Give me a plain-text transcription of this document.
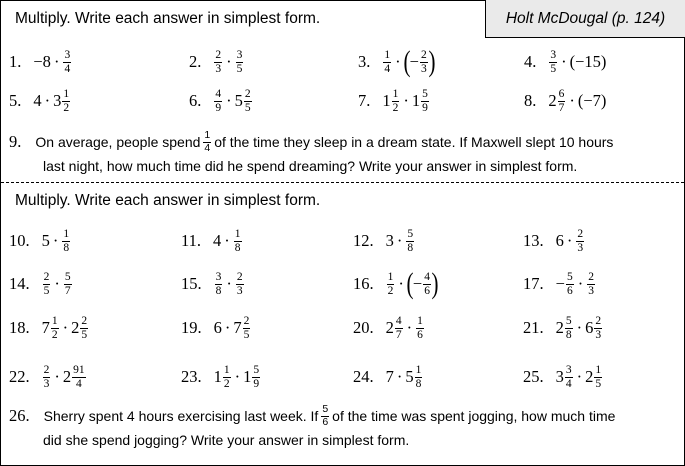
Multiply. Write each answer in simplest form.	Holt McDougal (p. 124)
1. $-8 \cdot \frac{3}{4}$	2. $\frac{2}{3} \cdot \frac{3}{5}$	3. $\frac{1}{4}$ · ( − $\frac{2}{3}$ )	4. $\frac{3}{5} \cdot (-15)$
5. $4 \cdot 3 \frac{1}{2}$	6. $\frac{4}{9} \cdot 5 \frac{2}{5}$	7. $1 \frac{1}{2} \cdot 1 \frac{5}{9}$	8. $2 \frac{6}{7} \cdot (-7)$
9. On average, people spend $\frac{1}{4}$ of the time they sleep in a dream state. If Maxwell slept 10 hours
last night, how much time did he spend dreaming? Write your answer in simplest form.
Multiply. Write each answer in simplest form.
10. $5 \cdot \frac{1}{8}$	11. $4 \cdot \frac{1}{8}$	12. $3 \cdot \frac{5}{8}$	13. $6 \cdot \frac{2}{3}$
14. $\frac{2}{5} \cdot \frac{5}{7}$	15. $\frac{3}{8} \cdot \frac{2}{3}$	16. $\frac{1}{2}$ · ( − $\frac{4}{6}$ )	17. − $\frac{5}{6} \cdot \frac{2}{3}$
18. $7 \frac{1}{2} \cdot 2 \frac{2}{5}$	19. $6 \cdot 7 \frac{2}{5}$	20. $2 \frac{4}{7} \cdot \frac{1}{6}$	21. $2 \frac{5}{8} \cdot 6 \frac{2}{3}$
22. $\frac{2}{3} \cdot 2 \frac{91}{4}$	23. $1 \frac{1}{2} \cdot 1 \frac{5}{9}$	24. $7 \cdot 5 \frac{1}{8}$	25. $3 \frac{3}{4} \cdot 2 \frac{1}{5}$
26. Sherry spent 4 hours exercising last week. If $\frac{5}{6}$ of the time was spent jogging, how much time
did she spend jogging? Write your answer in simplest form.
